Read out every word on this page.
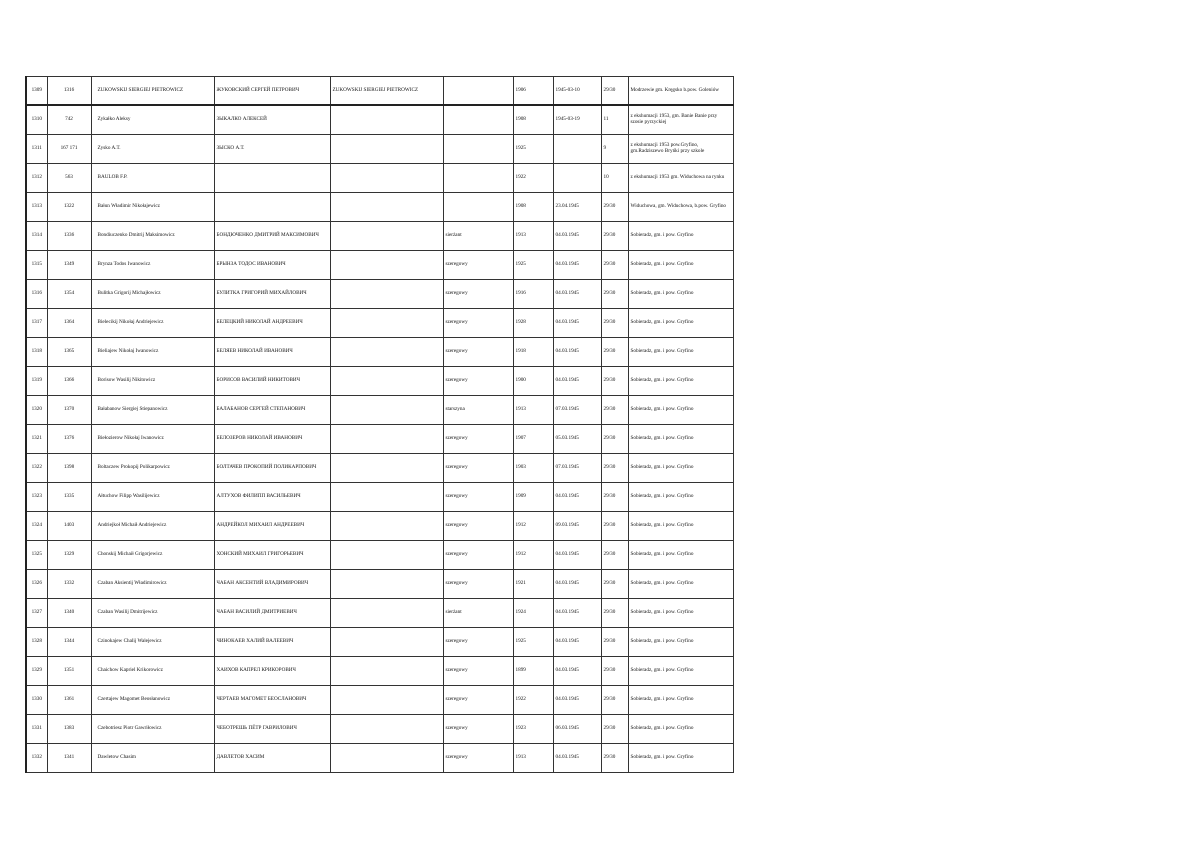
1309	1316	ZUKOWSKIJ SIERGIEJ PIETROWICZ	ЖУКОВСКИЙ СЕРГЕЙ ПЕТРОВИЧ	ZUKOWSKIJ SIERGIEJ PIETROWICZ		1906	1945-03-10	29/30	Modrzewie gm. Kręgsko b.pow. Goleniów
1310	742	Zykałko Aleksy	ЗЫКАЛКО АЛЕКСЕЙ			1908	1945-03-19	11	z ekshumacji 1953, gm. Banie Banie przy szosie pyrzyckiej
1311	167 171	Zysko A.T.	ЗЫСКО А.Т.			1925		9	z ekshumacji 1953 pow.Gryfino, gm.Radziszewo Bryńki przy szkole
1312	563	BAULOB F.P.				1922		10	z ekshumacji 1953 gm. Widuchowa na rynku
1313	1322	Bałun Władimir Nikołajewicz				1908	23.04.1945	29/30	Widuchowa, gm. Widuchowa, b.pow. Gryfino
1314	1336	Bondiuczenko Dmitrij Maksimowicz	БОНДЮЧЕНКО ДМИТРИЙ МАКСИМОВИЧ		sierżant	1913	04.03.1945	29/30	Sobieradz, gm. i pow. Gryfino
1315	1349	Brynza Todos Iwanowicz	БРЫНЗА ТОДОС ИВАНОВИЧ		szeregowy	1925	04.03.1945	29/30	Sobieradz, gm. i pow. Gryfino
1316	1354	Bulitka Grigorij Michajłowicz	БУЛИТКА ГРИГОРИЙ МИХАЙЛОВИЧ		szeregowy	1916	04.03.1945	29/30	Sobieradz, gm. i pow. Gryfino
1317	1364	Bielecikij Nikołaj Andriejewicz	БЕЛЕЦКИЙ НИКОЛАЙ АНДРЕЕВИЧ		szeregowy	1928	04.03.1945	29/30	Sobieradz, gm. i pow. Gryfino
1318	1365	Bieliajew Nikołaj Iwanowicz	БЕЛЯЕВ НИКОЛАЙ ИВАНОВИЧ		szeregowy	1918	04.03.1945	29/30	Sobieradz, gm. i pow. Gryfino
1319	1366	Borisow Wasilij Nikitowicz	БОРИСОВ ВАСИЛИЙ НИКИТОВИЧ		szeregowy	1900	04.03.1945	29/30	Sobieradz, gm. i pow. Gryfino
1320	1370	Bałabanow Siergiej Stiepanowicz	БАЛАБАНОВ СЕРГЕЙ СТЕПАНОВИЧ		starszyna	1913	07.03.1945	29/30	Sobieradz, gm. i pow. Gryfino
1321	1376	Biełozierow Nikołaj Iwanowicz	БЕЛОЗЕРОВ НИКОЛАЙ ИВАНОВИЧ		szeregowy	1907	05.03.1945	29/30	Sobieradz, gm. i pow. Gryfino
1322	1398	Boltaczew Prokopij Polikarpowicz	БОЛТАЧЕВ ПРОКОПИЙ ПОЛИКАРПОВИЧ		szeregowy	1903	07.03.1945	29/30	Sobieradz, gm. i pow. Gryfino
1323	1335	Ałtuchow Filipp Wasilijewicz	АЛТУХОВ ФИЛИПП ВАСИЛЬЕВИЧ		szeregowy	1909	04.03.1945	29/30	Sobieradz, gm. i pow. Gryfino
1324	1403	Andriejkoł Michaił Andriejewicz	АНДРЕЙКОЛ МИХАИЛ АНДРЕЕВИЧ		szeregowy	1912	09.03.1945	29/30	Sobieradz, gm. i pow. Gryfino
1325	1329	Chonskij Michaił Grigorjewicz	ХОНСКИЙ МИХАИЛ ГРИГОРЬЕВИЧ		szeregowy	1912	04.03.1945	29/30	Sobieradz, gm. i pow. Gryfino
1326	1332	Czaban Aksientij Władimirowicz	ЧАБАН АКСЕНТИЙ ВЛАДИМИРОВИЧ		szeregowy	1921	04.03.1945	29/30	Sobieradz, gm. i pow. Gryfino
1327	1340	Czaban Wasilij Dmitrijewicz	ЧАБАН ВАСИЛИЙ ДМИТРИЕВИЧ		sierżant	1924	04.03.1945	29/30	Sobieradz, gm. i pow. Gryfino
1328	1344	Czinokajew Chalij Walejewicz	ЧИНОКАЕВ ХАЛИЙ ВАЛЕЕВИЧ		szeregowy	1925	04.03.1945	29/30	Sobieradz, gm. i pow. Gryfino
1329	1351	Chaichow Kapriel Krikorowicz	ХАИХОВ КАПРЕЛ КРИКОРОВИЧ		szeregowy	1899	04.03.1945	29/30	Sobieradz, gm. i pow. Gryfino
1330	1361	Czertajew Magomet Beosłanowicz	ЧЕРТАЕВ МАГОМЕТ БЕОСЛАНОВИЧ		szeregowy	1922	04.03.1945	29/30	Sobieradz, gm. i pow. Gryfino
1331	1383	Czebotriesz Piotr Gawriłowicz	ЧЕБОТРЕШЬ ПЁТР ГАВРИЛОВИЧ		szeregowy	1923	06.03.1945	29/30	Sobieradz, gm. i pow. Gryfino
1332	1341	Dawletow Chasim	ДАВЛЕТОВ ХАСИМ		szeregowy	1913	04.03.1945	29/30	Sobieradz, gm. i pow. Gryfino
